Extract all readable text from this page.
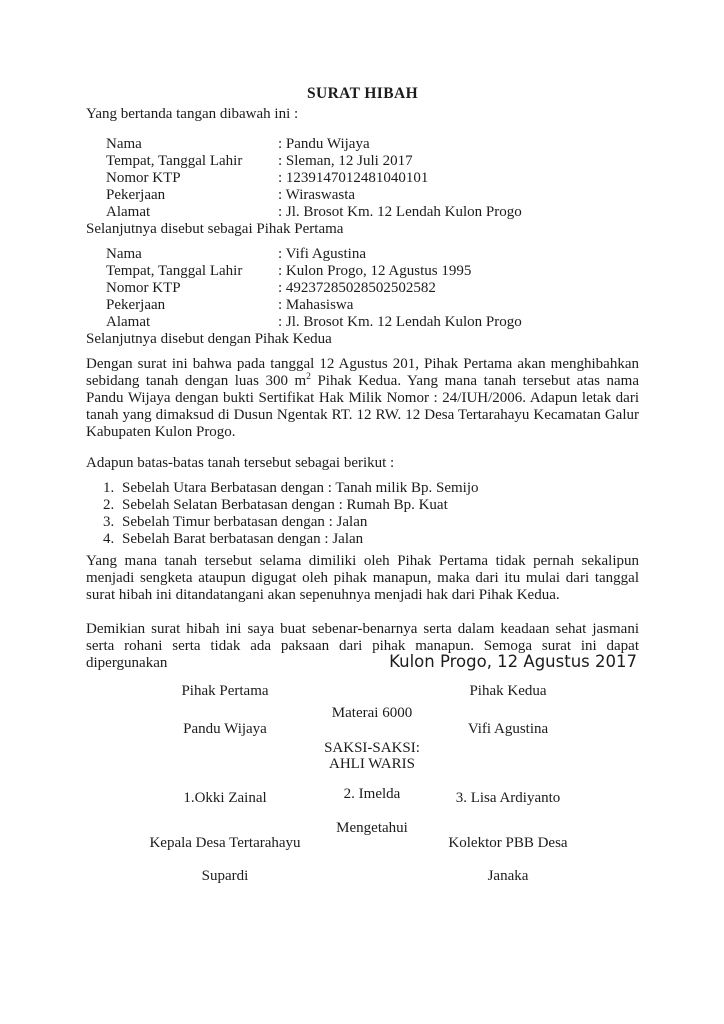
SURAT HIBAH
Yang bertanda tangan dibawah ini :
Nama	: Pandu Wijaya
Tempat, Tanggal Lahir	: Sleman, 12 Juli 2017
Nomor KTP	: 1239147012481040101
Pekerjaan	: Wiraswasta
Alamat	: Jl. Brosot Km. 12 Lendah Kulon Progo
Selanjutnya disebut sebagai Pihak Pertama
Nama	: Vifi Agustina
Tempat, Tanggal Lahir	: Kulon Progo, 12 Agustus 1995
Nomor KTP	: 49237285028502502582
Pekerjaan	: Mahasiswa
Alamat	: Jl. Brosot Km. 12 Lendah Kulon Progo
Selanjutnya disebut dengan Pihak Kedua
Dengan surat ini bahwa pada tanggal 12 Agustus 201, Pihak Pertama akan menghibahkan sebidang tanah dengan luas 300 $m^2$ Pihak Kedua. Yang mana tanah tersebut atas nama Pandu Wijaya dengan bukti Sertifikat Hak Milik Nomor : 24/IUH/2006. Adapun letak dari tanah yang dimaksud di Dusun Ngentak RT. 12 RW. 12 Desa Tertarahayu Kecamatan Galur Kabupaten Kulon Progo.
Adapun batas-batas tanah tersebut sebagai berikut :
1. Sebelah Utara Berbatasan dengan : Tanah milik Bp. Semijo
2. Sebelah Selatan Berbatasan dengan : Rumah Bp. Kuat
3. Sebelah Timur berbatasan dengan : Jalan
4. Sebelah Barat berbatasan dengan : Jalan
Yang mana tanah tersebut selama dimiliki oleh Pihak Pertama tidak pernah sekalipun menjadi sengketa ataupun digugat oleh pihak manapun, maka dari itu mulai dari tanggal surat hibah ini ditandatangani akan sepenuhnya menjadi hak dari Pihak Kedua.
Demikian surat hibah ini saya buat sebenar-benarnya serta dalam keadaan sehat jasmani serta rohani serta tidak ada paksaan dari pihak manapun. Semoga surat ini dapat dipergunakan	Kulon Progo, 12 Agustus 2017
Pihak Pertama	Pihak Kedua
Materai 6000
Pandu Wijaya	Vifi Agustina
SAKSI-SAKSI:
AHLI WARIS
1.Okki Zainal	2. Imelda	3. Lisa Ardiyanto
Mengetahui
Kepala Desa Tertarahayu	Kolektor PBB Desa
Supardi	Janaka
